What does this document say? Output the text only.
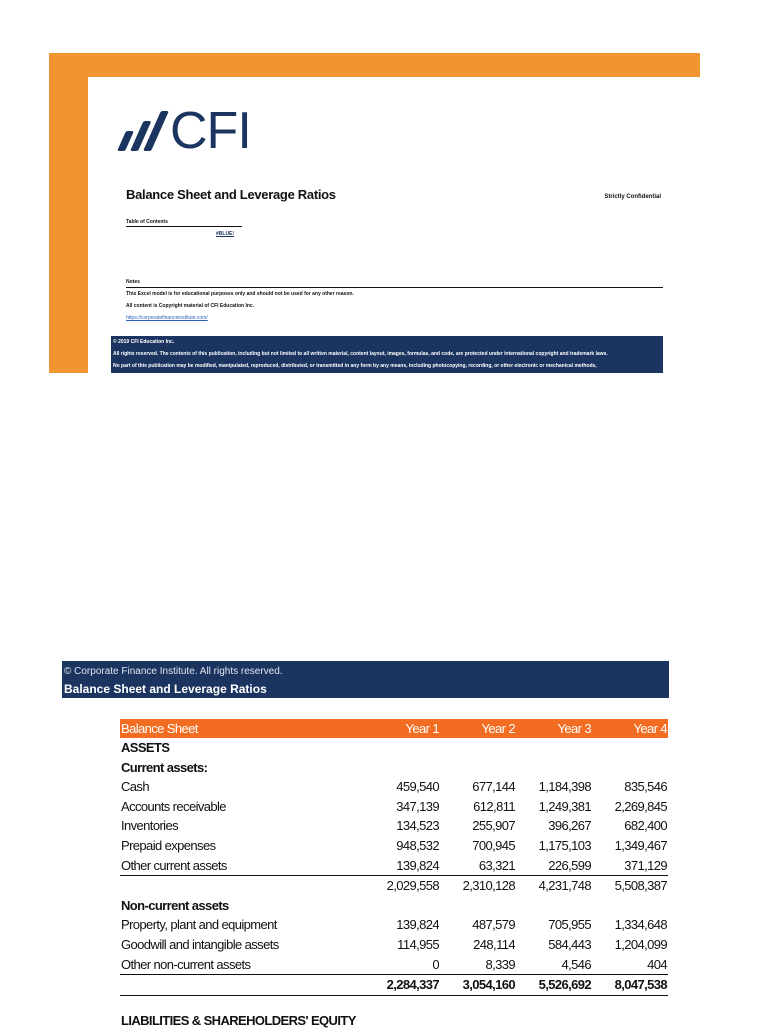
CFI
Balance Sheet and Leverage Ratios	Strictly Confidential
Table of Contents
#BLUE!
Notes
This Excel model is for educational purposes only and should not be used for any other reason.
All content is Copyright material of CFI Education Inc.
https://corporatefinanceinstitute.com/
© 2019 CFI Education Inc.
All rights reserved. The contents of this publication, including but not limited to all written material, content layout, images, formulas, and code, are protected under international copyright and trademark laws.
No part of this publication may be modified, manipulated, reproduced, distributed, or transmitted in any form by any means, including photocopying, recording, or other electronic or mechanical methods,
© Corporate Finance Institute. All rights reserved.
Balance Sheet and Leverage Ratios
Balance Sheet	Year 1	Year 2	Year 3	Year 4
ASSETS				
Current assets:				
Cash	459,540	677,144	1,184,398	835,546
Accounts receivable	347,139	612,811	1,249,381	2,269,845
Inventories	134,523	255,907	396,267	682,400
Prepaid expenses	948,532	700,945	1,175,103	1,349,467
Other current assets	139,824	63,321	226,599	371,129
	2,029,558	2,310,128	4,231,748	5,508,387
Non-current assets				
Property, plant and equipment	139,824	487,579	705,955	1,334,648
Goodwill and intangible assets	114,955	248,114	584,443	1,204,099
Other non-current assets	0	8,339	4,546	404
	2,284,337	3,054,160	5,526,692	8,047,538
LIABILITIES & SHAREHOLDERS' EQUITY
